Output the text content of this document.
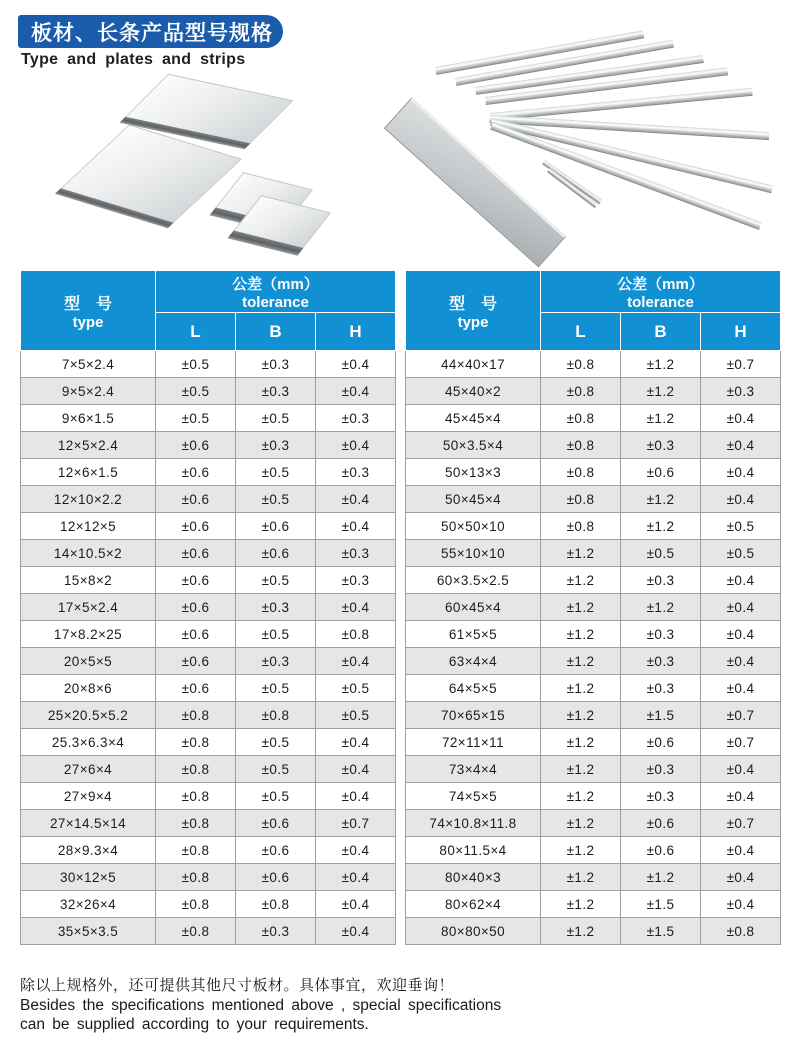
板材、长条产品型号规格
Type and plates and strips
型　号
type

公差（mm）
tolerance

	L	B	H
7×5×2.4	±0.5	±0.3	±0.4
9×5×2.4	±0.5	±0.3	±0.4
9×6×1.5	±0.5	±0.5	±0.3
12×5×2.4	±0.6	±0.3	±0.4
12×6×1.5	±0.6	±0.5	±0.3
12×10×2.2	±0.6	±0.5	±0.4
12×12×5	±0.6	±0.6	±0.4
14×10.5×2	±0.6	±0.6	±0.3
15×8×2	±0.6	±0.5	±0.3
17×5×2.4	±0.6	±0.3	±0.4
17×8.2×25	±0.6	±0.5	±0.8
20×5×5	±0.6	±0.3	±0.4
20×8×6	±0.6	±0.5	±0.5
25×20.5×5.2	±0.8	±0.8	±0.5
25.3×6.3×4	±0.8	±0.5	±0.4
27×6×4	±0.8	±0.5	±0.4
27×9×4	±0.8	±0.5	±0.4
27×14.5×14	±0.8	±0.6	±0.7
28×9.3×4	±0.8	±0.6	±0.4
30×12×5	±0.8	±0.6	±0.4
32×26×4	±0.8	±0.8	±0.4
35×5×3.5	±0.8	±0.3	±0.4
型　号
type

公差（mm）
tolerance

	L	B	H
44×40×17	±0.8	±1.2	±0.7
45×40×2	±0.8	±1.2	±0.3
45×45×4	±0.8	±1.2	±0.4
50×3.5×4	±0.8	±0.3	±0.4
50×13×3	±0.8	±0.6	±0.4
50×45×4	±0.8	±1.2	±0.4
50×50×10	±0.8	±1.2	±0.5
55×10×10	±1.2	±0.5	±0.5
60×3.5×2.5	±1.2	±0.3	±0.4
60×45×4	±1.2	±1.2	±0.4
61×5×5	±1.2	±0.3	±0.4
63×4×4	±1.2	±0.3	±0.4
64×5×5	±1.2	±0.3	±0.4
70×65×15	±1.2	±1.5	±0.7
72×11×11	±1.2	±0.6	±0.7
73×4×4	±1.2	±0.3	±0.4
74×5×5	±1.2	±0.3	±0.4
74×10.8×11.8	±1.2	±0.6	±0.7
80×11.5×4	±1.2	±0.6	±0.4
80×40×3	±1.2	±1.2	±0.4
80×62×4	±1.2	±1.5	±0.4
80×80×50	±1.2	±1.5	±0.8
除以上规格外，还可提供其他尺寸板材。具体事宜，欢迎垂询！
Besides the specifications mentioned above , special specifications
can be supplied according to your requirements.
